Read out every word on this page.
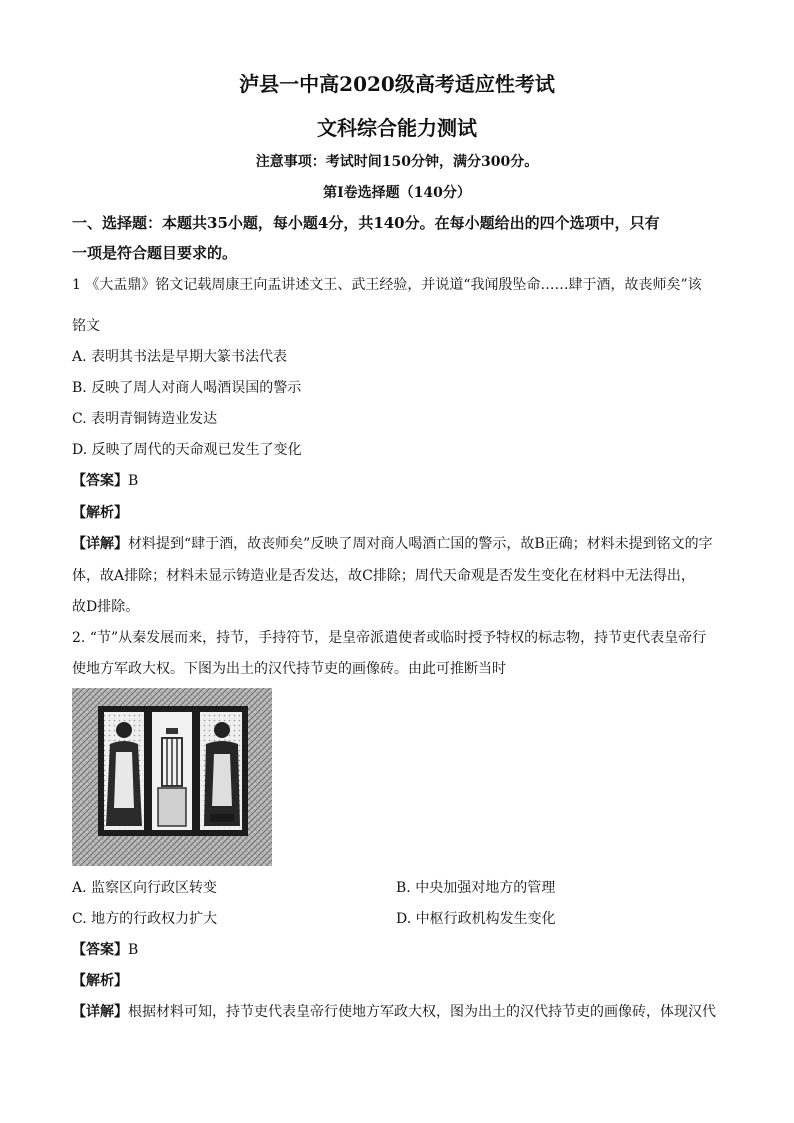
泸县一中高2020级高考适应性考试
文科综合能力测试
注意事项：考试时间150分钟，满分300分。
第I卷选择题（140分）
一、选择题：本题共35小题，每小题4分，共140分。在每小题给出的四个选项中，只有
一项是符合题目要求的。
1 《大盂鼎》铭文记载周康王向盂讲述文王、武王经验，并说道“我闻殷坠命……肆于酒，故丧师矣”该
铭文
A. 表明其书法是早期大篆书法代表
B. 反映了周人对商人喝酒误国的警示
C. 表明青铜铸造业发达
D. 反映了周代的天命观已发生了变化
【答案】B
【解析】
【详解】材料提到“肆于酒，故丧师矣”反映了周对商人喝酒亡国的警示，故B正确；材料未提到铭文的字
体，故A排除；材料未显示铸造业是否发达，故C排除；周代天命观是否发生变化在材料中无法得出，
故D排除。
2. “节”从秦发展而来，持节，手持符节，是皇帝派遣使者或临时授予特权的标志物，持节吏代表皇帝行
使地方军政大权。下图为出土的汉代持节吏的画像砖。由此可推断当时
A. 监察区向行政区转变	B. 中央加强对地方的管理
C. 地方的行政权力扩大	D. 中枢行政机构发生变化
【答案】B
【解析】
【详解】根据材料可知，持节吏代表皇帝行使地方军政大权，图为出土的汉代持节吏的画像砖，体现汉代
